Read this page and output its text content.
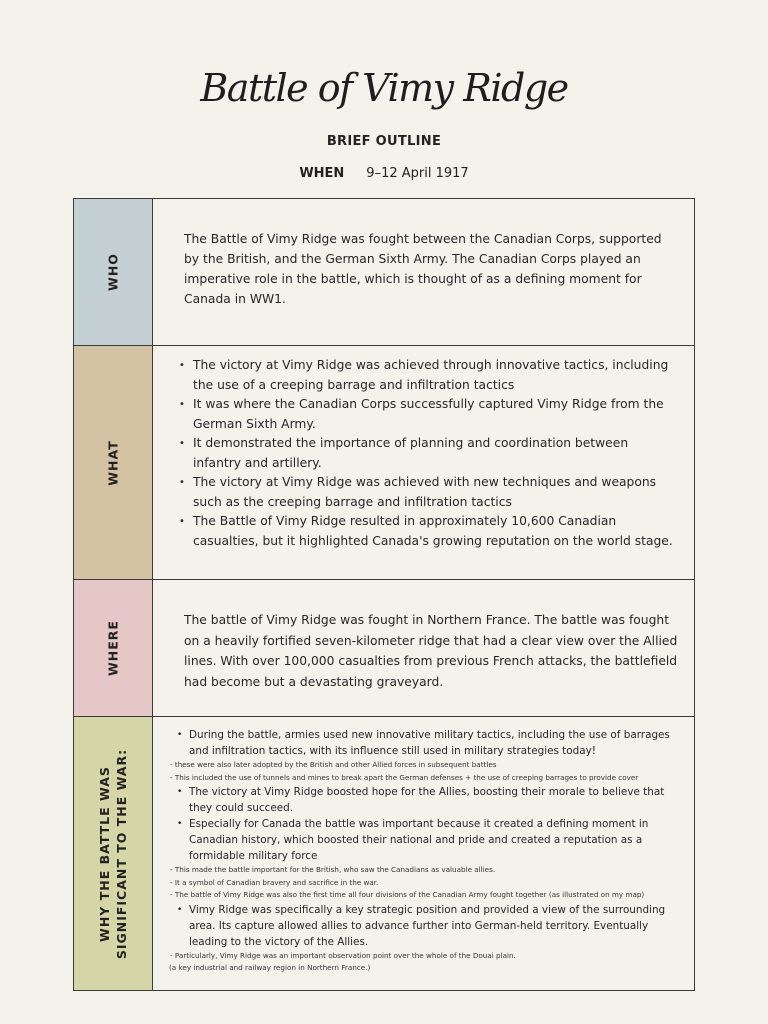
Battle of Vimy Ridge
BRIEF OUTLINE
WHEN 9–12 April 1917
WHO

The Battle of Vimy Ridge was fought between the Canadian Corps, supported by the British, and the German Sixth Army. The Canadian Corps played an imperative role in the battle, which is thought of as a defining moment for Canada in WW1.

WHAT
• The victory at Vimy Ridge was achieved through innovative tactics, including the use of a creeping barrage and infiltration tactics
• It was where the Canadian Corps successfully captured Vimy Ridge from the German Sixth Army.
• It demonstrated the importance of planning and coordination between infantry and artillery.
• The victory at Vimy Ridge was achieved with new techniques and weapons such as the creeping barrage and infiltration tactics
• The Battle of Vimy Ridge resulted in approximately 10,600 Canadian casualties, but it highlighted Canada's growing reputation on the world stage.
WHERE

The battle of Vimy Ridge was fought in Northern France. The battle was fought on a heavily fortified seven-kilometer ridge that had a clear view over the Allied lines. With over 100,000 casualties from previous French attacks, the battlefield had become but a devastating graveyard.

WHY THE BATTLE WAS SIGNIFICANT TO THE WAR:
• During the battle, armies used new innovative military tactics, including the use of barrages and infiltration tactics, with its influence still used in military strategies today!
- these were also later adopted by the British and other Allied forces in subsequent battles
- This included the use of tunnels and mines to break apart the German defenses + the use of creeping barrages to provide cover
• The victory at Vimy Ridge boosted hope for the Allies, boosting their morale to believe that they could succeed.
• Especially for Canada the battle was important because it created a defining moment in Canadian history, which boosted their national and pride and created a reputation as a formidable military force
- This made the battle important for the British, who saw the Canadians as valuable allies.
- It a symbol of Canadian bravery and sacrifice in the war.
- The battle of Vimy Ridge was also the first time all four divisions of the Canadian Army fought together (as illustrated on my map)
• Vimy Ridge was specifically a key strategic position and provided a view of the surrounding area. Its capture allowed allies to advance further into German-held territory. Eventually leading to the victory of the Allies.
- Particularly, Vimy Ridge was an important observation point over the whole of the Douai plain.
(a key industrial and railway region in Northern France.)
